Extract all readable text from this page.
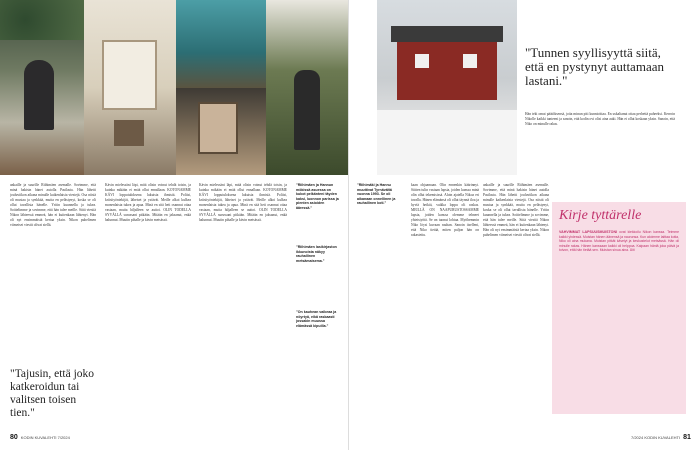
"Riihimäen ja Hannun mökissä asuessa on kukot pelkänteni täyden kaksi, luonnon parissa ja pienten asioiden ääressä."
"Riihimäen lasikirjaston ikkunoista näkyy rauhallinen metsämaisema."
"On kauhean vaikeaa ja nöyrtyä, eikä raskaasti jossakin muussa elämässä kipuilla."
ankaille ja suurille Riihimäen asemalle. Sovimme, että minä hakisin hänet autolla Pasilasta. Hän lähetti jouluviikon aikana minulle kaikenlaisia viestejä. Osa niistä oli mustaa ja synkkää, mutta en pelästynyt, koska se oli ollut tavallista hänelle. Yritin kuunnella ja tukea. Soittelimme ja sovimme, että hän tulee meille. Siitä viestiä Nikon lähteessä emmeä, hän ei kuitenkaan lähtenyt. Hän oli nyt ensimmäistä kertaa yksin. Nikon puhelimen viimeiset viestit olivat siellä.
Kävin mielessäni läpi, mitä olisin voinut tehdä toisin, ja kuinka mikään ei enää ollut ennallaan. KOTONAMME KÄVI lopputuloksena lukuisia ihmisiä. Poliisi, kriisityöntekijät, läheiset ja ystävät. Meille alkoi kulkea monenlaista tukea ja apua. Minä en sitä heti osannut ottaa vastaan, mutta hiljalleen se auttoi. OLIN TODELLA SYVÄLLÄ surussani pitkään. Mitään en jaksanut, enkä halunnut. Muutin pihalle ja kävin metsässä.
Kävin mielessäni läpi, mitä olisin voinut tehdä toisin, ja kuinka mikään ei enää ollut ennallaan. KOTONAMME KÄVI lopputuloksena lukuisia ihmisiä. Poliisi, kriisityöntekijät, läheiset ja ystävät. Meille alkoi kulkea monenlaista tukea ja apua. Minä en sitä heti osannut ottaa vastaan, mutta hiljalleen se auttoi. OLIN TODELLA SYVÄLLÄ surussani pitkään. Mitään en jaksanut, enkä halunnut. Muutin pihalle ja kävin metsässä.
"Tajusin, että joko katkeroidun tai valitsen toisen tien."
80 KODIN KUVALEHTI 7/2024
"Tunnen syyllisyyttä siitä, että en pystynyt auttamaan lastani."
Hän teki omat päätöksensä, joita minun piti kunnioittaa. En uskaltanut ottaa perhettä puheeksi. Kerroin Nikolle kaikki tunteeni ja sanoin, että kodin ovi olisi aina auki. Hän ei ollut koskaan yksin. Sanoin, että Niko on minulle rakas.
"Riihimäki ja Hannu muuttivat Tyrnävältä vuonna 1993. Se oli aikanaan onnellinen ja rauhallinen koti."
kaan ohjaamaan. Olin ennenkin käärinnyt. Siitten tulin vastaan lapsia, joiden kanssa minä olin ollut tekemisissä. Aloin ajatella Nikoa eri tavalla. Hänen elämänsä oli ollut täynnä iloa ja hyviä hetkiä, vaikka loppu oli raskas. MEILLÄ ON NAAPURUSTOSSAMME lapsia, joiden kanssa olemme tehneet yhteistyötä. Se on tuonut lohtua. Myöhemmin Niko löysi kuvaan rauhan. Sanoin itselleni, että Niko tietää, miten paljon hän on rakastettu.
ankaille ja suurille Riihimäen asemalle. Sovimme, että minä hakisin hänet autolla Pasilasta. Hän lähetti jouluviikon aikana minulle kaikenlaisia viestejä. Osa niistä oli mustaa ja synkkää, mutta en pelästynyt, koska se oli ollut tavallista hänelle. Yritin kuunnella ja tukea. Soittelimme ja sovimme, että hän tulee meille. Siitä viestiä Nikon lähteessä emmeä, hän ei kuitenkaan lähtenyt. Hän oli nyt ensimmäistä kertaa yksin. Nikon puhelimen viimeiset viestit olivat siellä.
7/2024 KODIN KUVALEHTI 81
Kirje tyttärelle
VAHVIMMAT LAPSUUSMUISTONI ovat kiekkoilu Nikon kanssa. Teimme kaikki yhdessä. Muistan hänen äänensä ja naurunsa. Kun aloimme laittaa kotia, Niko oli aina mukana. Muistan pitkät kävelyt ja keskustelut metsässä. Hän oli minulle rakas. Hänen kanssaan kaikki oli helppoa. Kaipaan häntä joka päivä ja toivon, että hän tietää sen. Muistan sinua aina. Äiti
